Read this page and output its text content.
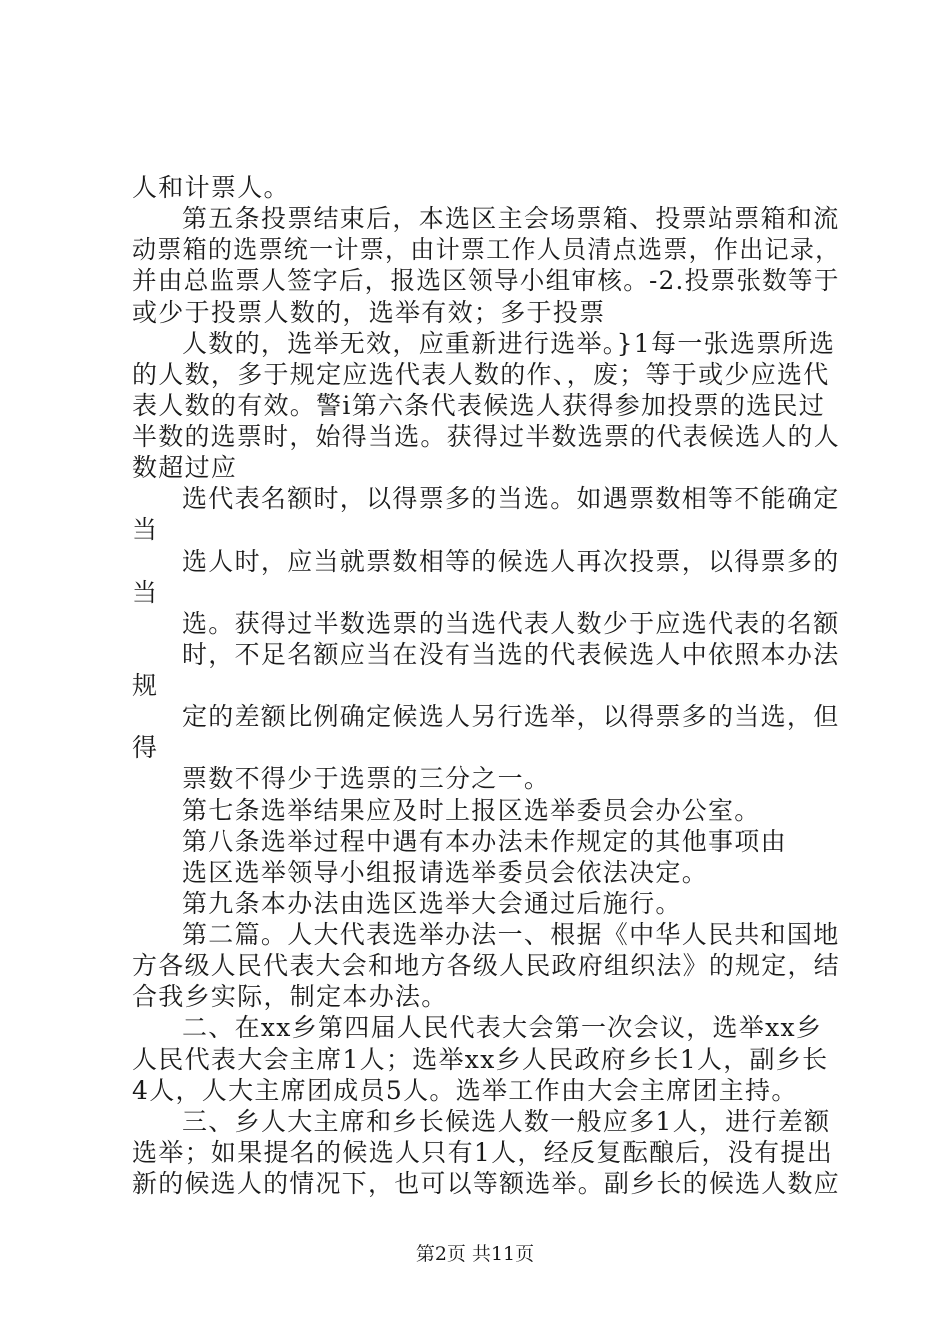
人和计票人。
第五条投票结束后，本选区主会场票箱、投票站票箱和流
动票箱的选票统一计票，由计票工作人员清点选票，作出记录，
并由总监票人签字后，报选区领导小组审核。-2.投票张数等于
或少于投票人数的，选举有效；多于投票
人数的，选举无效，应重新进行选举。}1每一张选票所选
的人数，多于规定应选代表人数的作、，废；等于或少应选代
表人数的有效。警i第六条代表候选人获得参加投票的选民过
半数的选票时，始得当选。获得过半数选票的代表候选人的人
数超过应
选代表名额时，以得票多的当选。如遇票数相等不能确定
当
选人时，应当就票数相等的候选人再次投票，以得票多的
当
选。获得过半数选票的当选代表人数少于应选代表的名额
时，不足名额应当在没有当选的代表候选人中依照本办法
规
定的差额比例确定候选人另行选举，以得票多的当选，但
得
票数不得少于选票的三分之一。
第七条选举结果应及时上报区选举委员会办公室。
第八条选举过程中遇有本办法未作规定的其他事项由
选区选举领导小组报请选举委员会依法决定。
第九条本办法由选区选举大会通过后施行。
第二篇。人大代表选举办法一、根据《中华人民共和国地
方各级人民代表大会和地方各级人民政府组织法》的规定，结
合我乡实际，制定本办法。
二、在xx乡第四届人民代表大会第一次会议，选举xx乡
人民代表大会主席1人；选举xx乡人民政府乡长1人，副乡长
4人，人大主席团成员5人。选举工作由大会主席团主持。
三、乡人大主席和乡长候选人数一般应多1人，进行差额
选举；如果提名的候选人只有1人，经反复酝酿后，没有提出
新的候选人的情况下，也可以等额选举。副乡长的候选人数应
第2页 共11页
